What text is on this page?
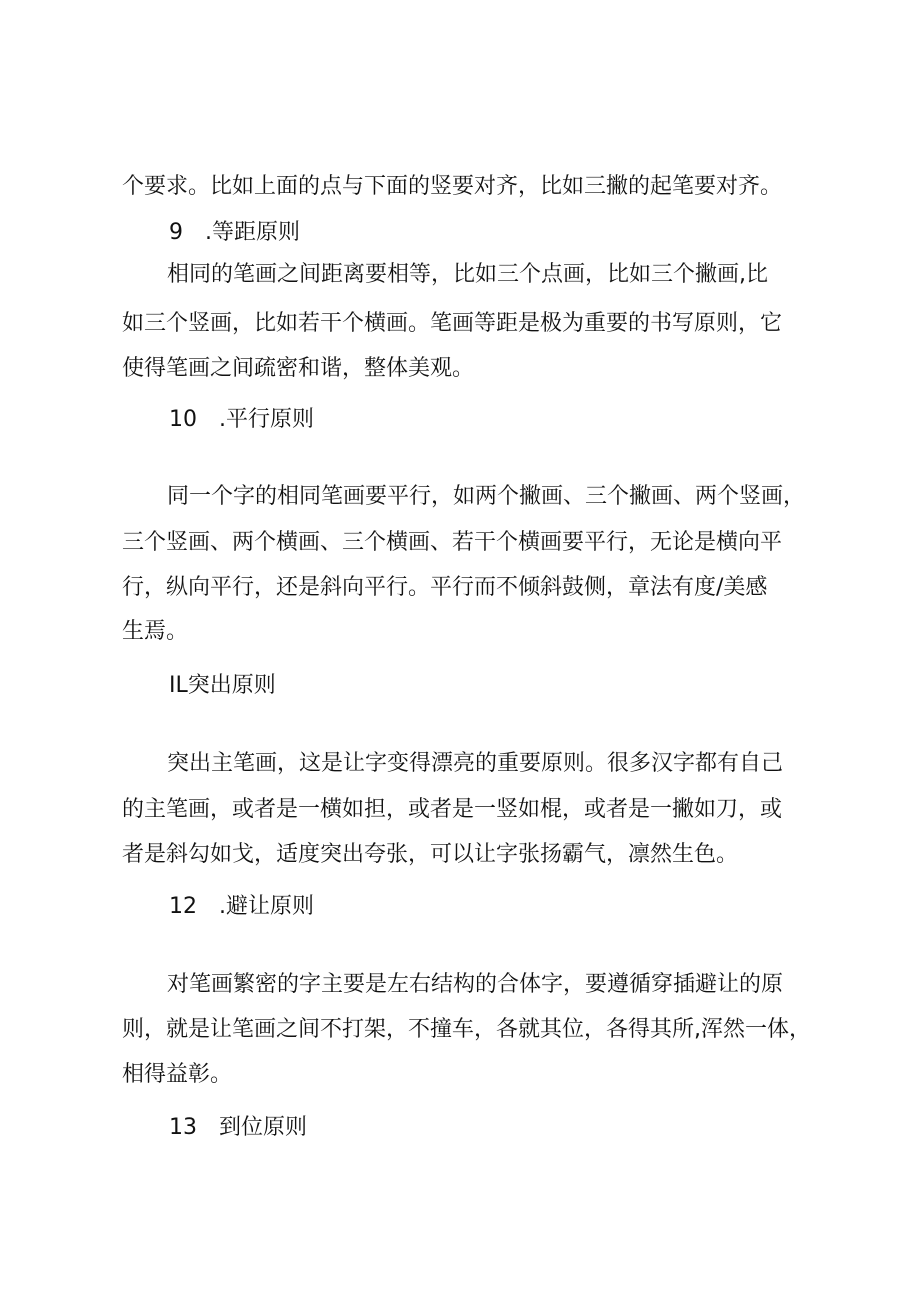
个要求。比如上面的点与下面的竖要对齐，比如三撇的起笔要对齐。
9　.等距原则
相同的笔画之间距离要相等，比如三个点画，比如三个撇画,比
如三个竖画，比如若干个横画。笔画等距是极为重要的书写原则，它
使得笔画之间疏密和谐，整体美观。
10　.平行原则
同一个字的相同笔画要平行，如两个撇画、三个撇画、两个竖画，
三个竖画、两个横画、三个横画、若干个横画要平行，无论是横向平
行，纵向平行，还是斜向平行。平行而不倾斜鼓侧，章法有度/美感
生焉。
IL突出原则
突出主笔画，这是让字变得漂亮的重要原则。很多汉字都有自己
的主笔画，或者是一横如担，或者是一竖如棍，或者是一撇如刀，或
者是斜勾如戈，适度突出夸张，可以让字张扬霸气，凛然生色。
12　.避让原则
对笔画繁密的字主要是左右结构的合体字，要遵循穿插避让的原
则，就是让笔画之间不打架，不撞车，各就其位，各得其所,浑然一体，
相得益彰。
13　到位原则
